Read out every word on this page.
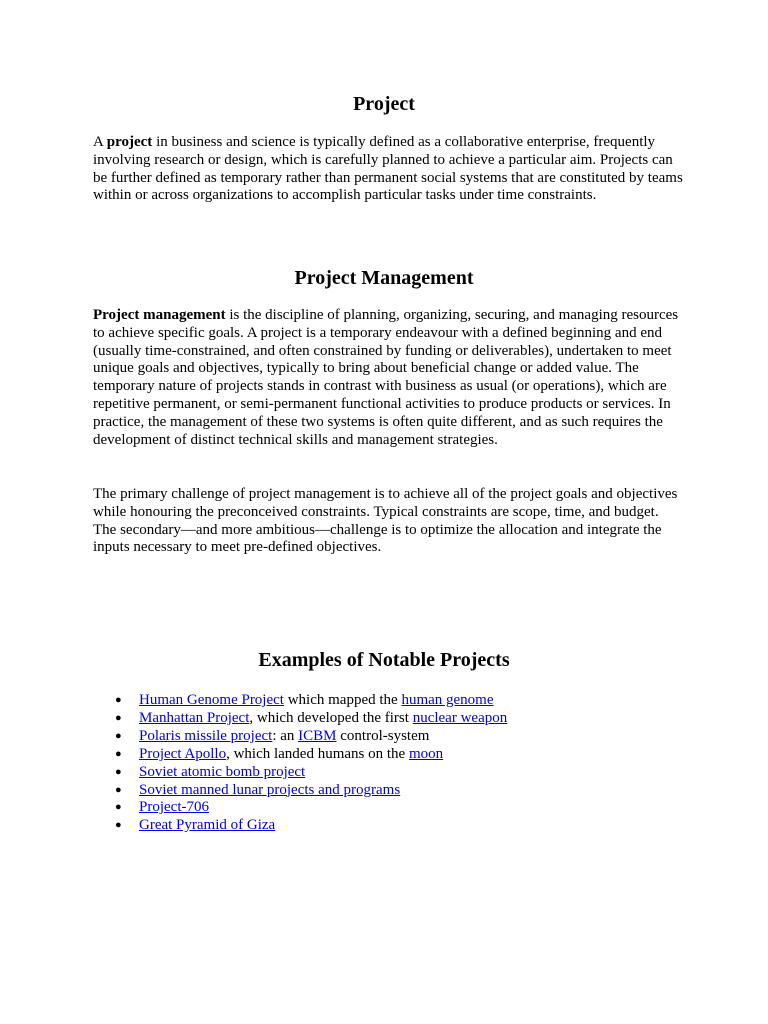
Project

A project in business and science is typically defined as a collaborative enterprise, frequently involving research or design, which is carefully planned to achieve a particular aim. Projects can be further defined as temporary rather than permanent social systems that are constituted by teams within or across organizations to accomplish particular tasks under time constraints.

Project Management

Project management is the discipline of planning, organizing, securing, and managing resources to achieve specific goals. A project is a temporary endeavour with a defined beginning and end (usually time-constrained, and often constrained by funding or deliverables), undertaken to meet unique goals and objectives, typically to bring about beneficial change or added value. The temporary nature of projects stands in contrast with business as usual (or operations), which are repetitive permanent, or semi-permanent functional activities to produce products or services. In practice, the management of these two systems is often quite different, and as such requires the development of distinct technical skills and management strategies.

The primary challenge of project management is to achieve all of the project goals and objectives while honouring the preconceived constraints. Typical constraints are scope, time, and budget. The secondary—and more ambitious—challenge is to optimize the allocation and integrate the inputs necessary to meet pre-defined objectives.

Examples of Notable Projects
● Human Genome Project which mapped the human genome
● Manhattan Project, which developed the first nuclear weapon
● Polaris missile project: an ICBM control-system
● Project Apollo, which landed humans on the moon
● Soviet atomic bomb project
● Soviet manned lunar projects and programs
● Project-706
● Great Pyramid of Giza
